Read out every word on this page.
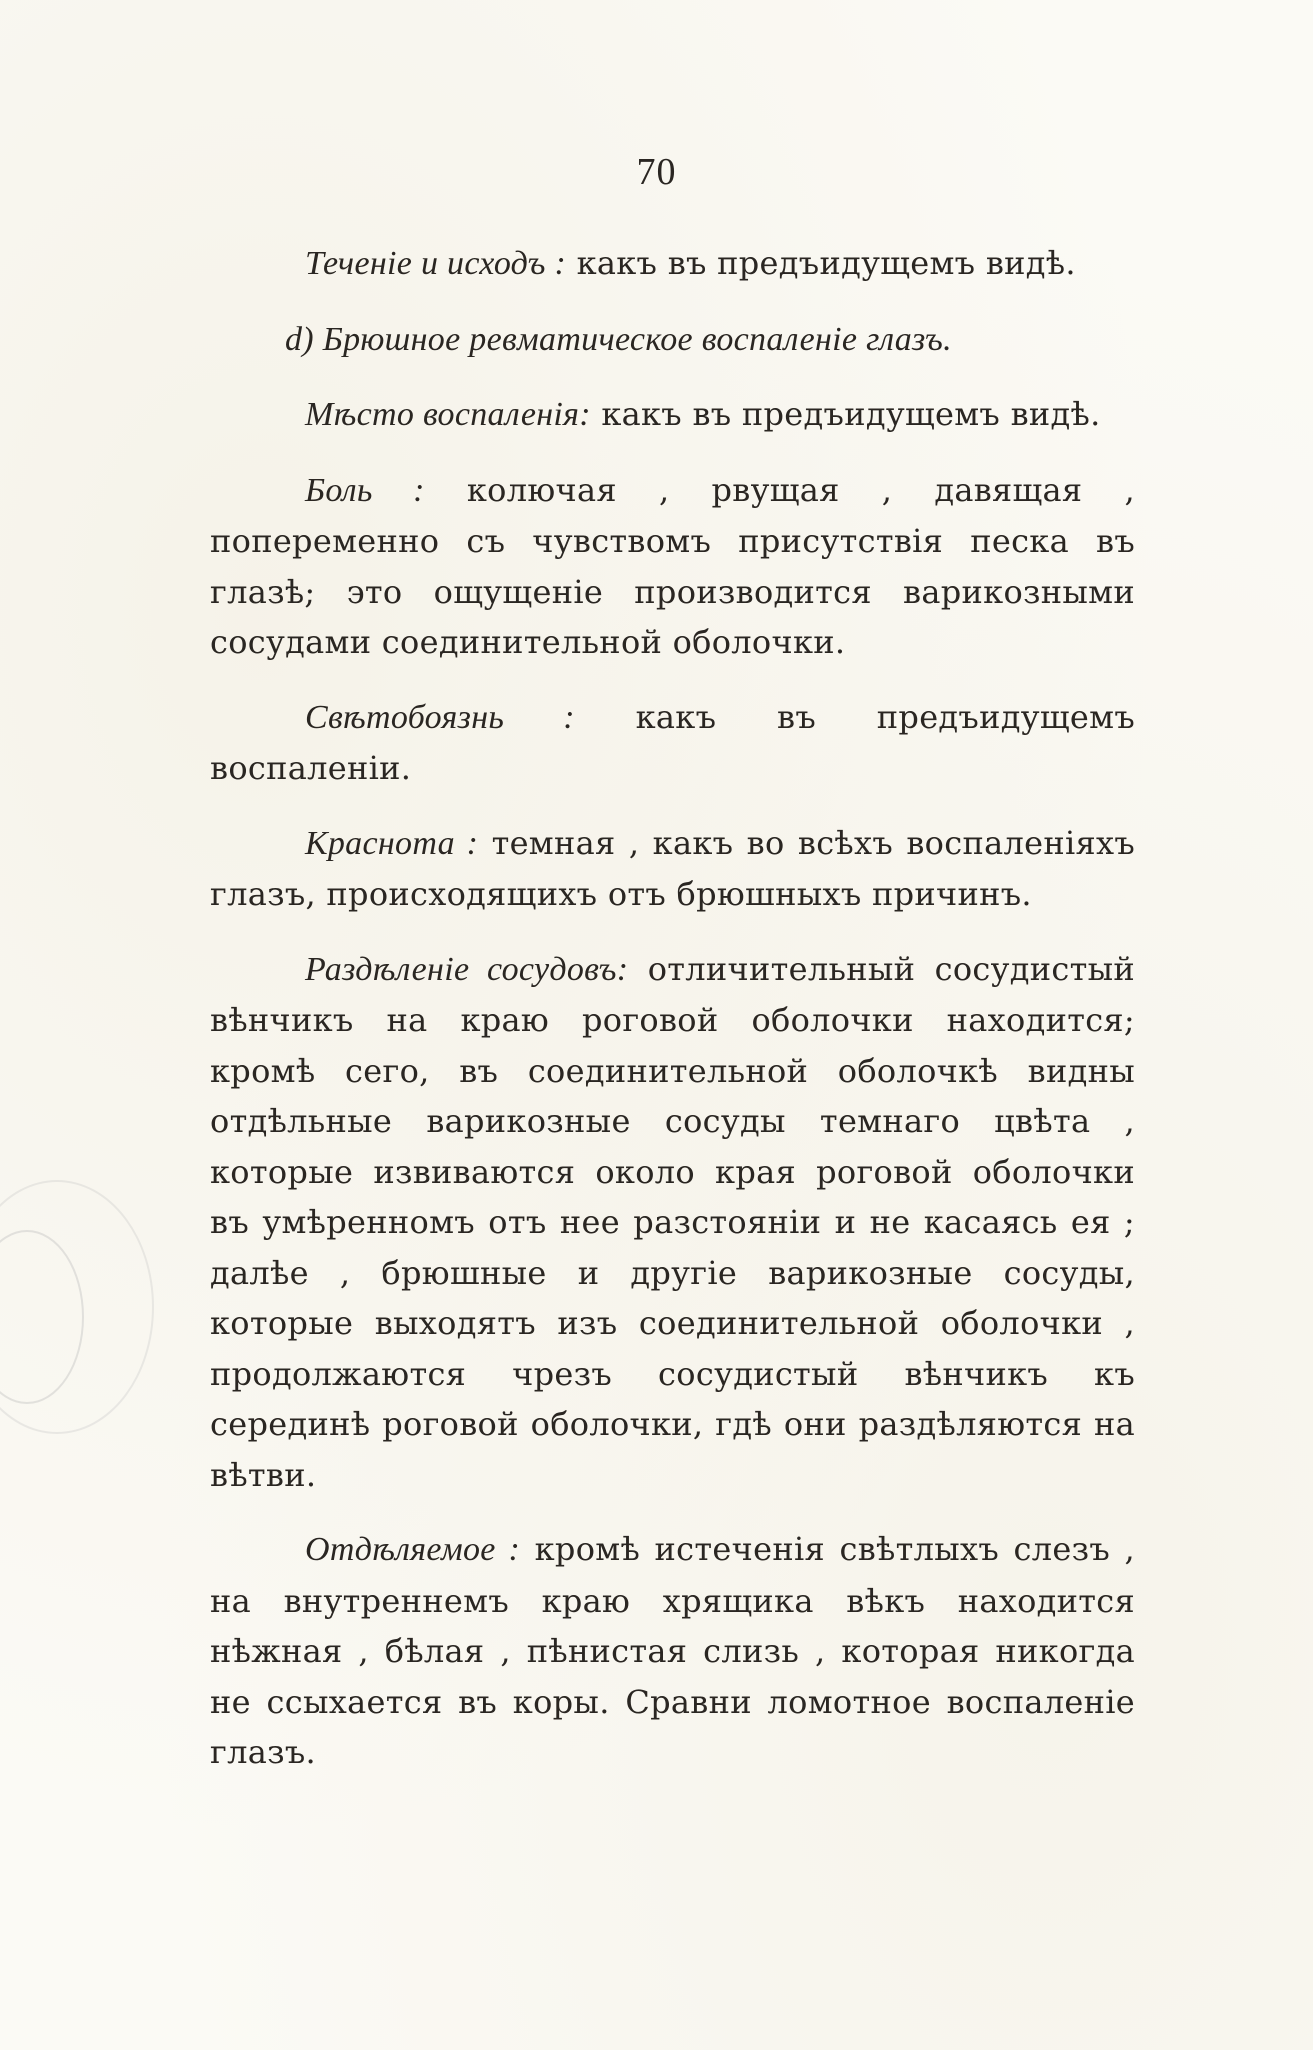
70

Теченіе и исходъ : какъ въ предъидущемъ видѣ.

d) Брюшное ревматическое воспаленіе глазъ.

Мѣсто воспаленія: какъ въ предъидущемъ видѣ.

Боль : колючая , рвущая , давящая , попеременно съ чувствомъ присутствія песка въ глазѣ; это ощущеніе производится варикозными сосудами соединительной оболочки.

Свѣтобоязнь : какъ въ предъидущемъ воспаленіи.

Краснота : темная , какъ во всѣхъ воспаленіяхъ глазъ, происходящихъ отъ брюшныхъ причинъ.

Раздѣленіе сосудовъ: отличительный сосудистый вѣнчикъ на краю роговой оболочки находится; кромѣ сего, въ соединительной оболочкѣ видны отдѣльные варикозные сосуды темнаго цвѣта , которые извиваются около края роговой оболочки въ умѣренномъ отъ нее разстояніи и не касаясь ея ; далѣе , брюшные и другіе варикозные сосуды, которые выходятъ изъ соединительной оболочки , продолжаются чрезъ сосудистый вѣнчикъ къ серединѣ роговой оболочки, гдѣ они раздѣляются на вѣтви.

Отдѣляемое : кромѣ истеченія свѣтлыхъ слезъ , на внутреннемъ краю хрящика вѣкъ находится нѣжная , бѣлая , пѣнистая слизь , которая никогда не ссыхается въ коры. Сравни ломотное воспаленіе глазъ.
